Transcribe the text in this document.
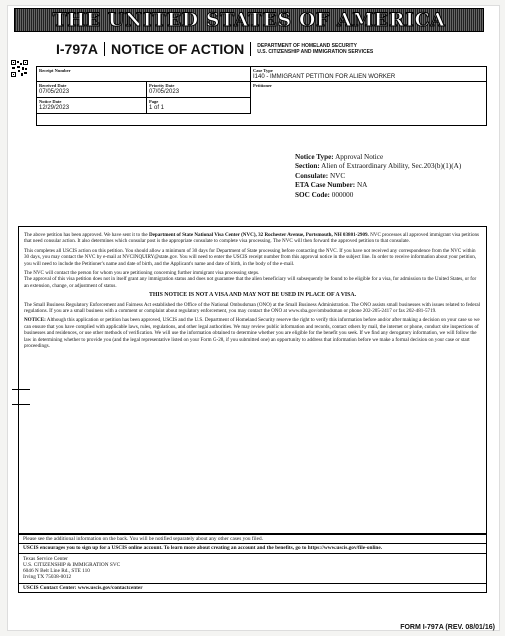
THE UNITED STATES OF AMERICA
I-797A NOTICE OF ACTION	DEPARTMENT OF HOMELAND SECURITY
U.S. CITIZENSHIP AND IMMIGRATION SERVICES
Receipt Number	Case Type
I140 - IMMIGRANT PETITION FOR ALIEN WORKER
Received Date
07/05/2023
Priority Date
07/05/2023
Petitioner
Notice Date
12/29/2023
Page
1 of 1
Notice Type: Approval Notice
Section: Alien of Extraordinary Ability, Sec.203(b)(1)(A)
Consulate: NVC
ETA Case Number: NA
SOC Code: 000000

The above petition has been approved. We have sent it to the Department of State National Visa Center (NVC), 32 Rochester Avenue, Portsmouth, NH 03801-2909. NVC processes all approved immigrant visa petitions that need consular action. It also determines which consular post is the appropriate consulate to complete visa processing. The NVC will then forward the approved petition to that consulate.

This completes all USCIS action on this petition. You should allow a minimum of 30 days for Department of State processing before contacting the NVC. If you have not received any correspondence from the NVC within 30 days, you may contact the NVC by e-mail at NVCINQUIRY@state.gov. You will need to enter the USCIS receipt number from this approval notice in the subject line. In order to receive information about your petition, you will need to include the Petitioner's name and date of birth, and the Applicant's name and date of birth, in the body of the e-mail.

The NVC will contact the person for whom you are petitioning concerning further immigrant visa processing steps.

The approval of this visa petition does not in itself grant any immigration status and does not guarantee that the alien beneficiary will subsequently be found to be eligible for a visa, for admission to the United States, or for an extension, change, or adjustment of status.

THIS NOTICE IS NOT A VISA AND MAY NOT BE USED IN PLACE OF A VISA.

The Small Business Regulatory Enforcement and Fairness Act established the Office of the National Ombudsman (ONO) at the Small Business Administration. The ONO assists small businesses with issues related to federal regulations. If you are a small business with a comment or complaint about regulatory enforcement, you may contact the ONO at www.sba.gov/ombudsman or phone 202-205-2417 or fax 202-481-5719.

NOTICE: Although this application or petition has been approved, USCIS and the U.S. Department of Homeland Security reserve the right to verify this information before and/or after making a decision on your case so we can ensure that you have complied with applicable laws, rules, regulations, and other legal authorities. We may review public information and records, contact others by mail, the internet or phone, conduct site inspections of businesses and residences, or use other methods of verification. We will use the information obtained to determine whether you are eligible for the benefit you seek. If we find any derogatory information, we will follow the law in determining whether to provide you (and the legal representative listed on your Form G-28, if you submitted one) an opportunity to address that information before we make a formal decision on your case or start proceedings.

Please see the additional information on the back. You will be notified separately about any other cases you filed.
USCIS encourages you to sign up for a USCIS online account. To learn more about creating an account and the benefits, go to https://www.uscis.gov/file-online.
Texas Service Center
U.S. CITIZENSHIP & IMMIGRATION SVC
6046 N Belt Line Rd., STE 110
Irving TX 75038-0012
USCIS Contact Center: www.uscis.gov/contactcenter
FORM I-797A (REV. 08/01/16)
